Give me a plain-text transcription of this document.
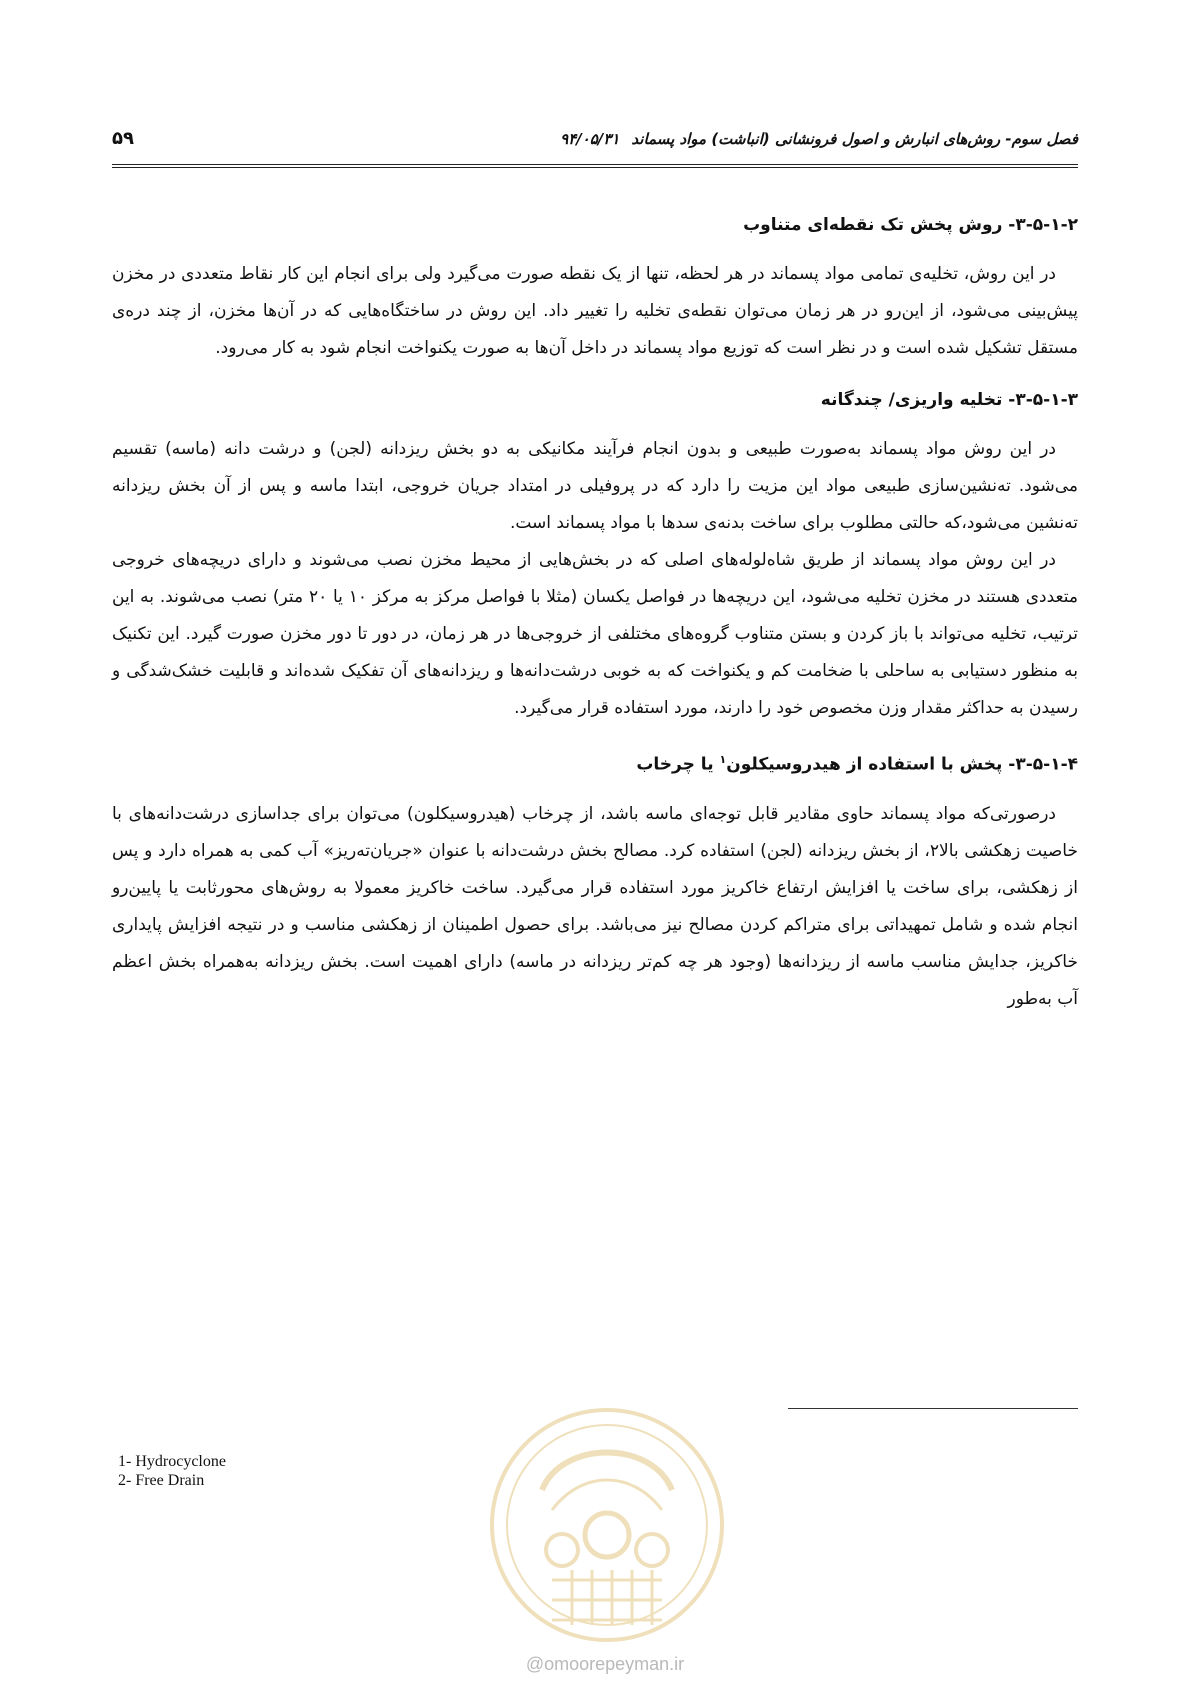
فصل سوم- روش‌های انبارش و اصول فرونشانی (انباشت) مواد پسماند۹۴/۰۵/۳۱
۵۹
۳-۵-۱-۲- روش پخش تک نقطه‌ای متناوب

در این روش، تخلیه‌ی تمامی مواد پسماند در هر لحظه، تنها از یک نقطه صورت می‌گیرد ولی برای انجام این کار نقاط متعددی در مخزن پیش‌بینی می‌شود، از این‌رو در هر زمان می‌توان نقطه‌ی تخلیه را تغییر داد. این روش در ساختگاه‌هایی که در آن‌ها مخزن، از چند دره‌ی مستقل تشکیل شده است و در نظر است که توزیع مواد پسماند در داخل آن‌ها به صورت یکنواخت انجام شود به کار می‌رود.

۳-۵-۱-۳- تخلیه واریزی/ چندگانه

در این روش مواد پسماند به‌صورت طبیعی و بدون انجام فرآیند مکانیکی به دو بخش ریزدانه (لجن) و درشت دانه (ماسه) تقسیم می‌شود. ته‌نشین‌سازی طبیعی مواد این مزیت را دارد که در پروفیلی در امتداد جریان خروجی، ابتدا ماسه و پس از آن بخش ریزدانه ته‌نشین می‌شود،که حالتی مطلوب برای ساخت بدنه‌ی سدها با مواد پسماند است.

در این روش مواد پسماند از طریق شاه‌لوله‌های اصلی که در بخش‌هایی از محیط مخزن نصب می‌شوند و دارای دریچه‌های خروجی متعددی هستند در مخزن تخلیه می‌شود، این دریچه‌ها در فواصل یکسان (مثلا با فواصل مرکز به مرکز ۱۰ یا ۲۰ متر) نصب می‌شوند. به این ترتیب، تخلیه می‌تواند با باز کردن و بستن متناوب گروه‌های مختلفی از خروجی‌ها در هر زمان، در دور تا دور مخزن صورت گیرد. این تکنیک به منظور دستیابی به ساحلی با ضخامت کم و یکنواخت که به خوبی درشت‌دانه‌ها و ریزدانه‌های آن تفکیک شده‌اند و قابلیت خشک‌شدگی و رسیدن به حداکثر مقدار وزن مخصوص خود را دارند، مورد استفاده قرار می‌گیرد.

۳-۵-۱-۴- پخش با استفاده از هیدروسیکلون$^۱$ یا چرخاب

درصورتی‌که مواد پسماند حاوی مقادیر قابل توجه‌ای ماسه باشد، از چرخاب (هیدروسیکلون) می‌توان برای جداسازی درشت‌دانه‌های با خاصیت زهکشی بالا۲، از بخش ریزدانه (لجن) استفاده کرد. مصالح بخش درشت‌دانه با عنوان «جریان‌ته‌ریز» آب کمی به همراه دارد و پس از زهکشی، برای ساخت یا افزایش ارتفاع خاکریز مورد استفاده قرار می‌گیرد. ساخت خاکریز معمولا به روش‌های محورثابت یا پایین‌رو انجام شده و شامل تمهیداتی برای متراکم کردن مصالح نیز می‌باشد. برای حصول اطمینان از زهکشی مناسب و در نتیجه افزایش پایداری خاکریز، جدایش مناسب ماسه از ریزدانه‌ها (وجود هر چه کم‌تر ریزدانه در ماسه) دارای اهمیت است. بخش ریزدانه به‌همراه بخش اعظم آب به‌طور

1- Hydrocyclone
2- Free Drain
@omoorepeyman.ir
